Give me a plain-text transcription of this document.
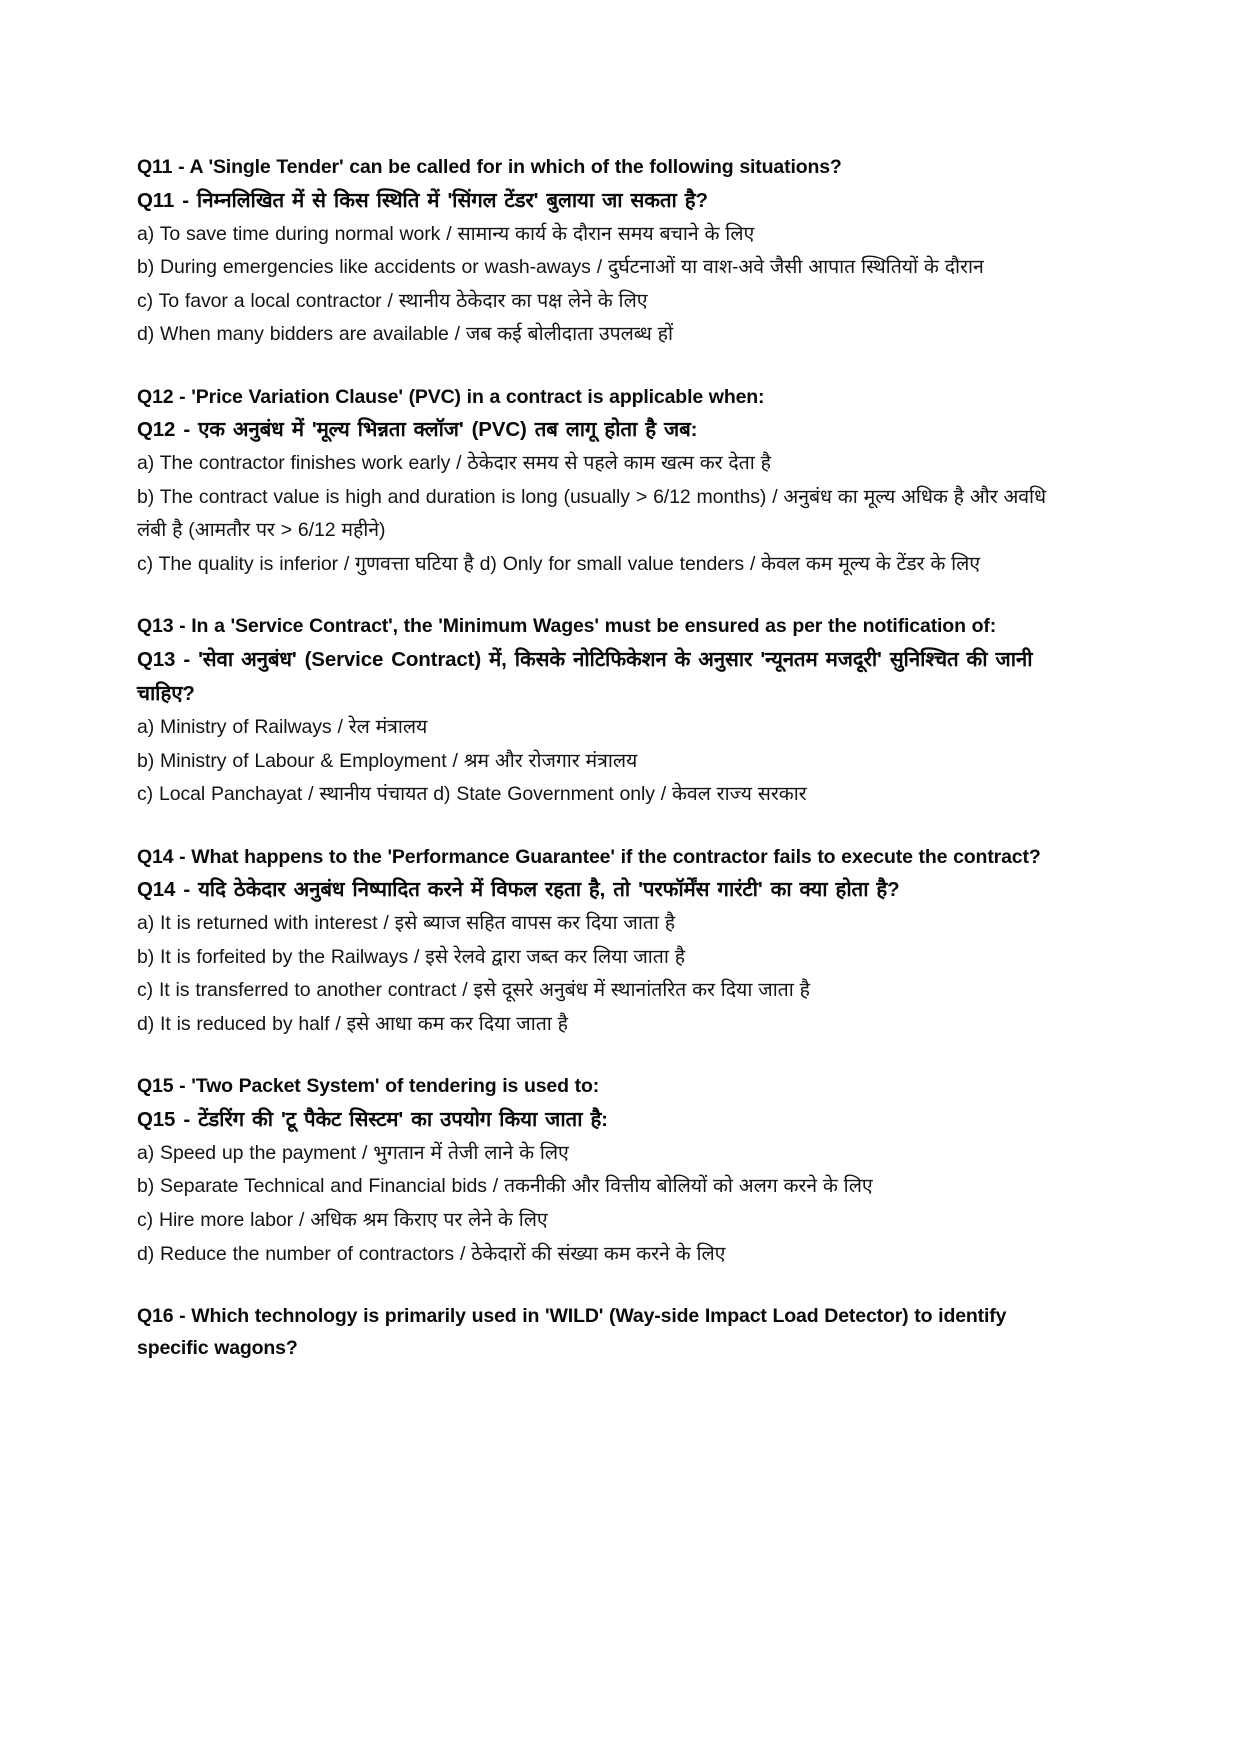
Q11 - A 'Single Tender' can be called for in which of the following situations?

Q11 - निम्नलिखित में से किस स्थिति में 'सिंगल टेंडर' बुलाया जा सकता है?

a) To save time during normal work / सामान्य कार्य के दौरान समय बचाने के लिए

b) During emergencies like accidents or wash-aways / दुर्घटनाओं या वाश-अवे जैसी आपात स्थितियों के दौरान

c) To favor a local contractor / स्थानीय ठेकेदार का पक्ष लेने के लिए

d) When many bidders are available / जब कई बोलीदाता उपलब्ध हों

Q12 - 'Price Variation Clause' (PVC) in a contract is applicable when:

Q12 - एक अनुबंध में 'मूल्य भिन्नता क्लॉज' (PVC) तब लागू होता है जब:

a) The contractor finishes work early / ठेकेदार समय से पहले काम खत्म कर देता है

b) The contract value is high and duration is long (usually > 6/12 months) / अनुबंध का मूल्य अधिक है और अवधि लंबी है (आमतौर पर > 6/12 महीने)

c) The quality is inferior / गुणवत्ता घटिया है d) Only for small value tenders / केवल कम मूल्य के टेंडर के लिए

Q13 - In a 'Service Contract', the 'Minimum Wages' must be ensured as per the notification of:

Q13 - 'सेवा अनुबंध' (Service Contract) में, किसके नोटिफिकेशन के अनुसार 'न्यूनतम मजदूरी' सुनिश्चित की जानी चाहिए?

a) Ministry of Railways / रेल मंत्रालय

b) Ministry of Labour & Employment / श्रम और रोजगार मंत्रालय

c) Local Panchayat / स्थानीय पंचायत d) State Government only / केवल राज्य सरकार

Q14 - What happens to the 'Performance Guarantee' if the contractor fails to execute the contract?

Q14 - यदि ठेकेदार अनुबंध निष्पादित करने में विफल रहता है, तो 'परफॉर्मेंस गारंटी' का क्या होता है?

a) It is returned with interest / इसे ब्याज सहित वापस कर दिया जाता है

b) It is forfeited by the Railways / इसे रेलवे द्वारा जब्त कर लिया जाता है

c) It is transferred to another contract / इसे दूसरे अनुबंध में स्थानांतरित कर दिया जाता है

d) It is reduced by half / इसे आधा कम कर दिया जाता है

Q15 - 'Two Packet System' of tendering is used to:

Q15 - टेंडरिंग की 'टू पैकेट सिस्टम' का उपयोग किया जाता है:

a) Speed up the payment / भुगतान में तेजी लाने के लिए

b) Separate Technical and Financial bids / तकनीकी और वित्तीय बोलियों को अलग करने के लिए

c) Hire more labor / अधिक श्रम किराए पर लेने के लिए

d) Reduce the number of contractors / ठेकेदारों की संख्या कम करने के लिए

Q16 - Which technology is primarily used in 'WILD' (Way-side Impact Load Detector) to identify specific wagons?
